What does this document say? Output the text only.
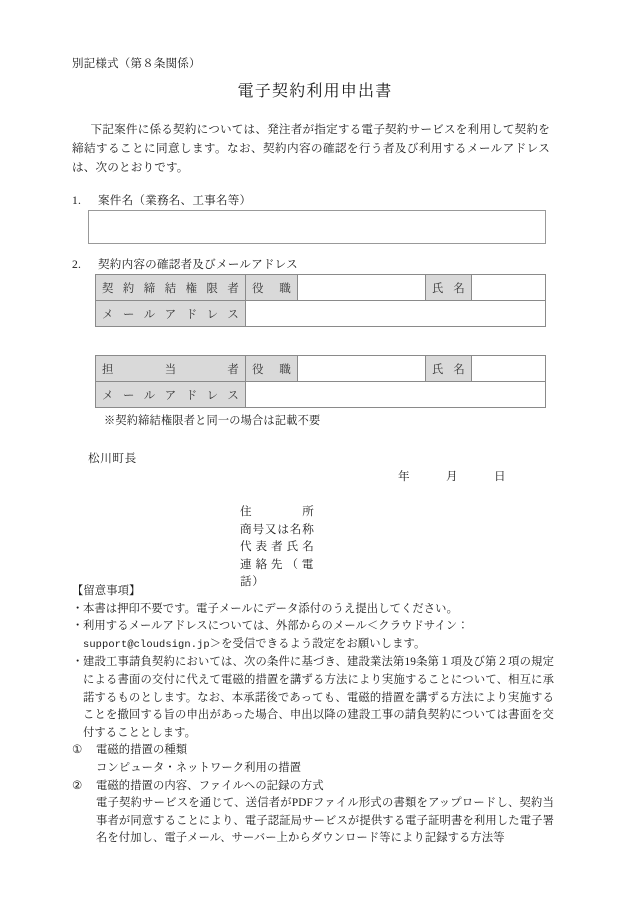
別記様式（第８条関係）
電子契約利用申出書
下記案件に係る契約については、発注者が指定する電子契約サービスを利用して契約を締結することに同意します。なお、契約内容の確認を行う者及び利用するメールアドレスは、次のとおりです。
1. 案件名（業務名、工事名等）
2. 契約内容の確認者及びメールアドレス
契約締結権限者	役職		氏名	
メールアドレス				
担当者	役職		氏名	
メールアドレス				
※契約締結権限者と同一の場合は記載不要
松川町長
年	月	日
住所
商号又は名称
代表者氏名
連絡先（電話）
【留意事項】
・ 本書は押印不要です。電子メールにデータ添付のうえ提出してください。
・ 利用するメールアドレスについては、外部からのメール＜クラウドサイン：
support@cloudsign.jp＞を受信できるよう設定をお願いします。
・ 建設工事請負契約においては、次の条件に基づき、建設業法第19条第１項及び第２項の規定による書面の交付に代えて電磁的措置を講ずる方法により実施することについて、相互に承諾するものとします。なお、本承諾後であっても、電磁的措置を講ずる方法により実施することを撤回する旨の申出があった場合、申出以降の建設工事の請負契約については書面を交付することとします。
①	電磁的措置の種類
コンピュータ・ネットワーク利用の措置
②	電磁的措置の内容、ファイルへの記録の方式
電子契約サービスを通じて、送信者がPDFファイル形式の書類をアップロードし、契約当事者が同意することにより、電子認証局サービスが提供する電子証明書を利用した電子署名を付加し、電子メール、サーバー上からダウンロード等により記録する方法等
